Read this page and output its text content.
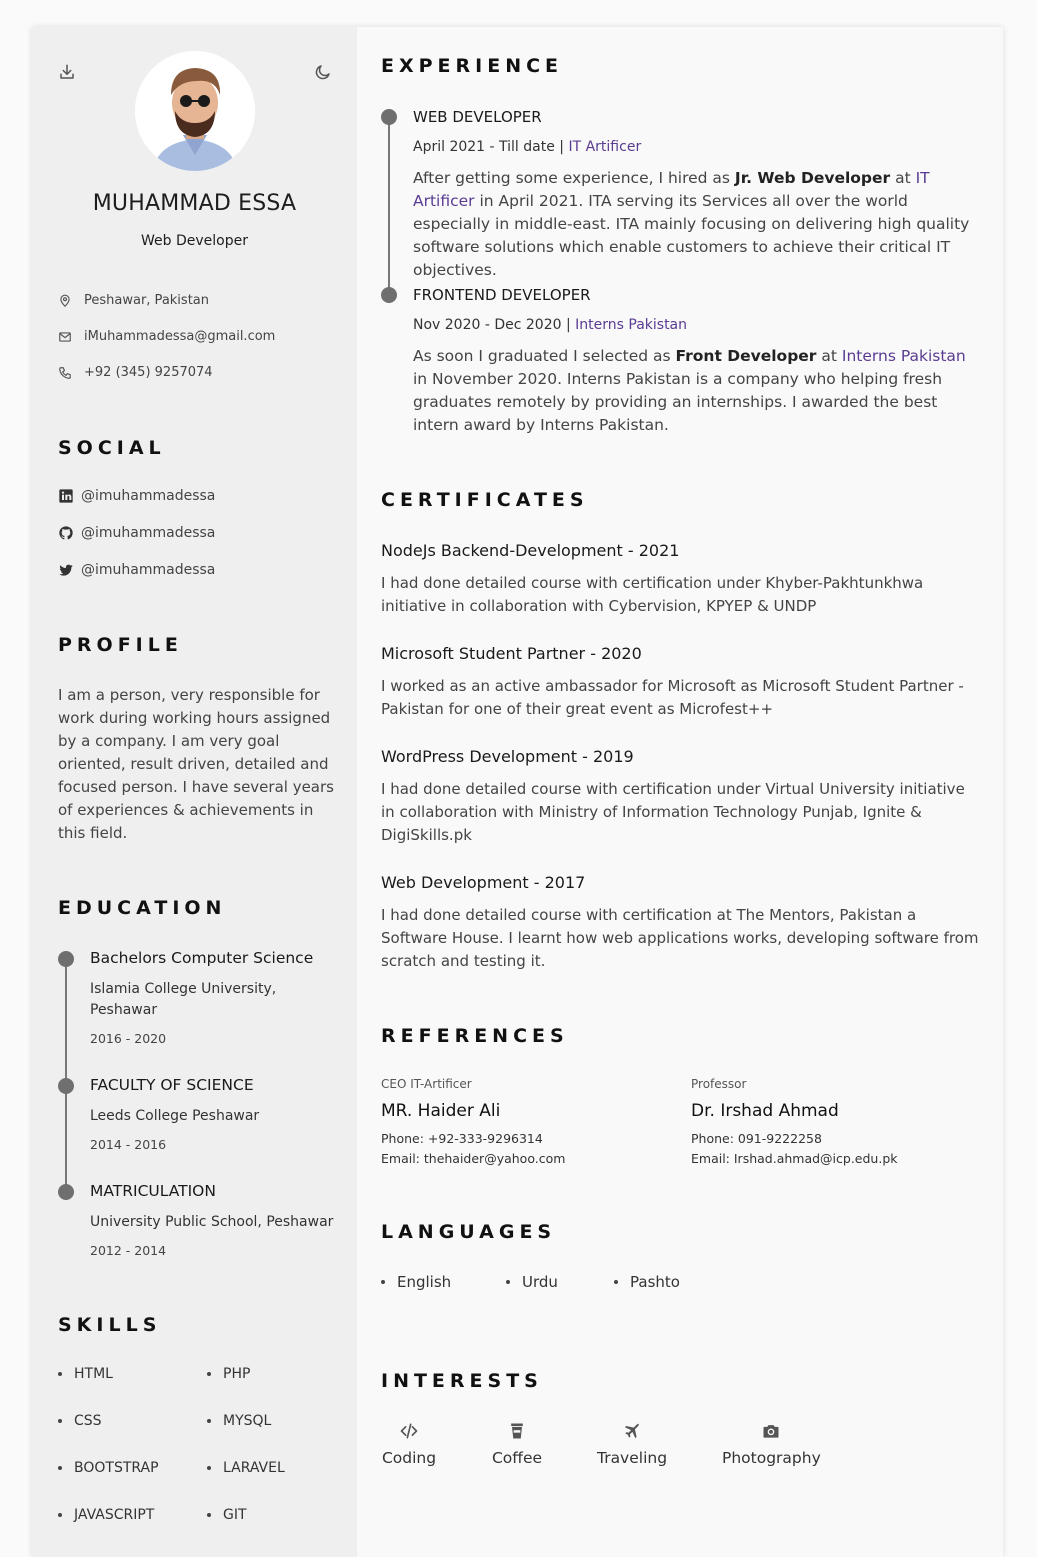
MUHAMMAD ESSA
Web Developer
Peshawar, Pakistan
iMuhammadessa@gmail.com
+92 (345) 9257074
SOCIAL
@imuhammadessa
@imuhammadessa
@imuhammadessa
PROFILE
I am a person, very responsible for work during working hours assigned by a company. I am very goal oriented, result driven, detailed and focused person. I have several years of experiences & achievements in this field.
EDUCATION
Bachelors Computer Science
Islamia College University, Peshawar
2016 - 2020
FACULTY OF SCIENCE
Leeds College Peshawar
2014 - 2016
MATRICULATION
University Public School, Peshawar
2012 - 2014
SKILLS
HTML
CSS
BOOTSTRAP
JAVASCRIPT
PHP
MYSQL
LARAVEL
GIT
EXPERIENCE
WEB DEVELOPER
April 2021 - Till date | IT Artificer
After getting some experience, I hired as Jr. Web Developer at IT Artificer in April 2021. ITA serving its Services all over the world especially in middle-east. ITA mainly focusing on delivering high quality software solutions which enable customers to achieve their critical IT objectives.
FRONTEND DEVELOPER
Nov 2020 - Dec 2020 | Interns Pakistan
As soon I graduated I selected as Front Developer at Interns Pakistan in November 2020. Interns Pakistan is a company who helping fresh graduates remotely by providing an internships. I awarded the best intern award by Interns Pakistan.
CERTIFICATES
NodeJs Backend-Development - 2021
I had done detailed course with certification under Khyber-Pakhtunkhwa initiative in collaboration with Cybervision, KPYEP & UNDP
Microsoft Student Partner - 2020
I worked as an active ambassador for Microsoft as Microsoft Student Partner - Pakistan for one of their great event as Microfest++
WordPress Development - 2019
I had done detailed course with certification under Virtual University initiative in collaboration with Ministry of Information Technology Punjab, Ignite & DigiSkills.pk
Web Development - 2017
I had done detailed course with certification at The Mentors, Pakistan a Software House. I learnt how web applications works, developing software from scratch and testing it.
REFERENCES
CEO IT-Artificer
MR. Haider Ali
Phone: +92-333-9296314
Email: thehaider@yahoo.com
Professor
Dr. Irshad Ahmad
Phone: 091-9222258
Email: Irshad.ahmad@icp.edu.pk
LANGUAGES
English	Urdu	Pashto
INTERESTS
Coding	Coffee	Traveling	Photography
